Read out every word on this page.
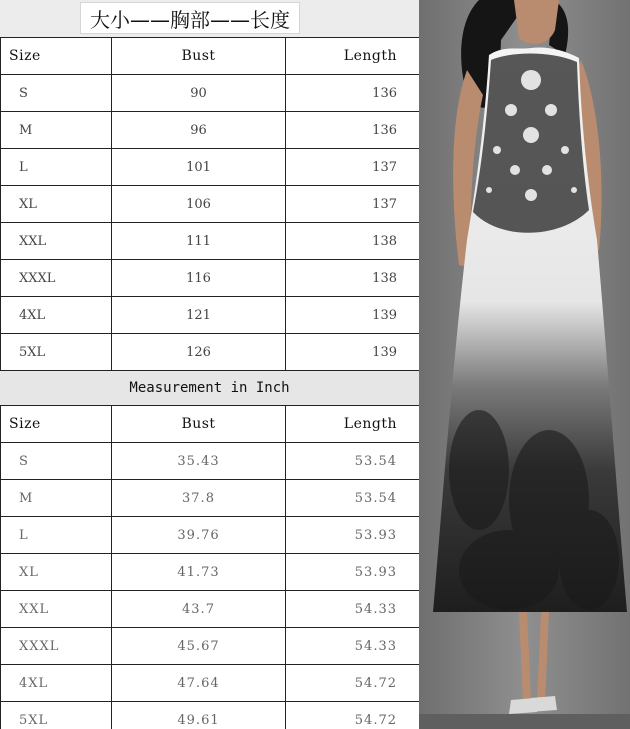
大小——胸部——长度
Size	Bust	Length
S	90	136
M	96	136
L	101	137
XL	106	137
XXL	111	138
XXXL	116	138
4XL	121	139
5XL	126	139
Measurement in Inch
Size	Bust	Length
S	35.43	53.54
M	37.8	53.54
L	39.76	53.93
XL	41.73	53.93
XXL	43.7	54.33
XXXL	45.67	54.33
4XL	47.64	54.72
5XL	49.61	54.72
